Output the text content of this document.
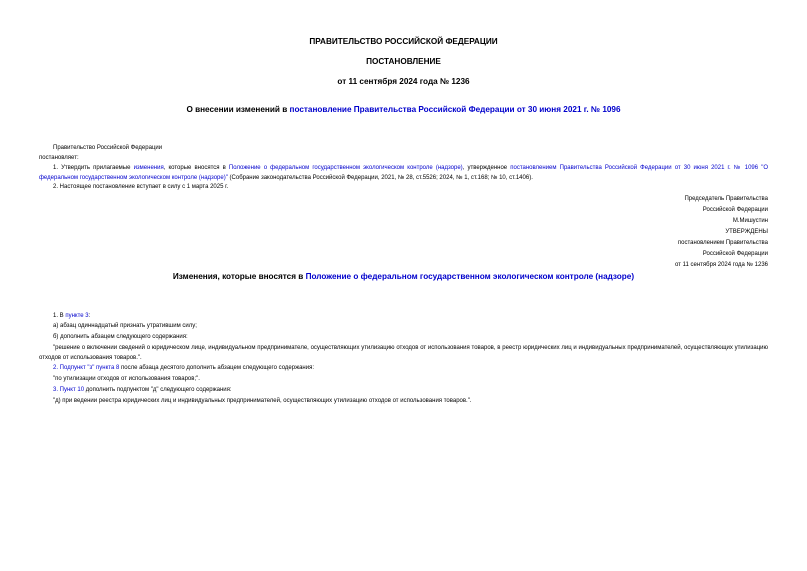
ПРАВИТЕЛЬСТВО РОССИЙСКОЙ ФЕДЕРАЦИИ
ПОСТАНОВЛЕНИЕ
от 11 сентября 2024 года № 1236
О внесении изменений в постановление Правительства Российской Федерации от 30 июня 2021 г. № 1096
Правительство Российской Федерации
постановляет:
1. Утвердить прилагаемые изменения, которые вносятся в Положение о федеральном государственном экологическом контроле (надзоре), утвержденное постановлением Правительства Российской Федерации от 30 июня 2021 г. № 1096 "О федеральном государственном экологическом контроле (надзоре)" (Собрание законодательства Российской Федерации, 2021, № 28, ст.5526; 2024, № 1, ст.168; № 10, ст.1406).
2. Настоящее постановление вступает в силу с 1 марта 2025 г.
Председатель Правительства
Российской Федерации
М.Мишустин
УТВЕРЖДЕНЫ
постановлением Правительства
Российской Федерации
от 11 сентября 2024 года № 1236
Изменения, которые вносятся в Положение о федеральном государственном экологическом контроле (надзоре)
1. В пункте 3:
а) абзац одиннадцатый признать утратившим силу;
б) дополнить абзацем следующего содержания:
"решение о включении сведений о юридическом лице, индивидуальном предпринимателе, осуществляющих утилизацию отходов от использования товаров, в реестр юридических лиц и индивидуальных предпринимателей, осуществляющих утилизацию отходов от использования товаров.".
2. Подпункт "з" пункта 8 после абзаца десятого дополнить абзацем следующего содержания:
"по утилизации отходов от использования товаров;".
3. Пункт 10 дополнить подпунктом "д" следующего содержания:
"д) при ведении реестра юридических лиц и индивидуальных предпринимателей, осуществляющих утилизацию отходов от использования товаров.".
